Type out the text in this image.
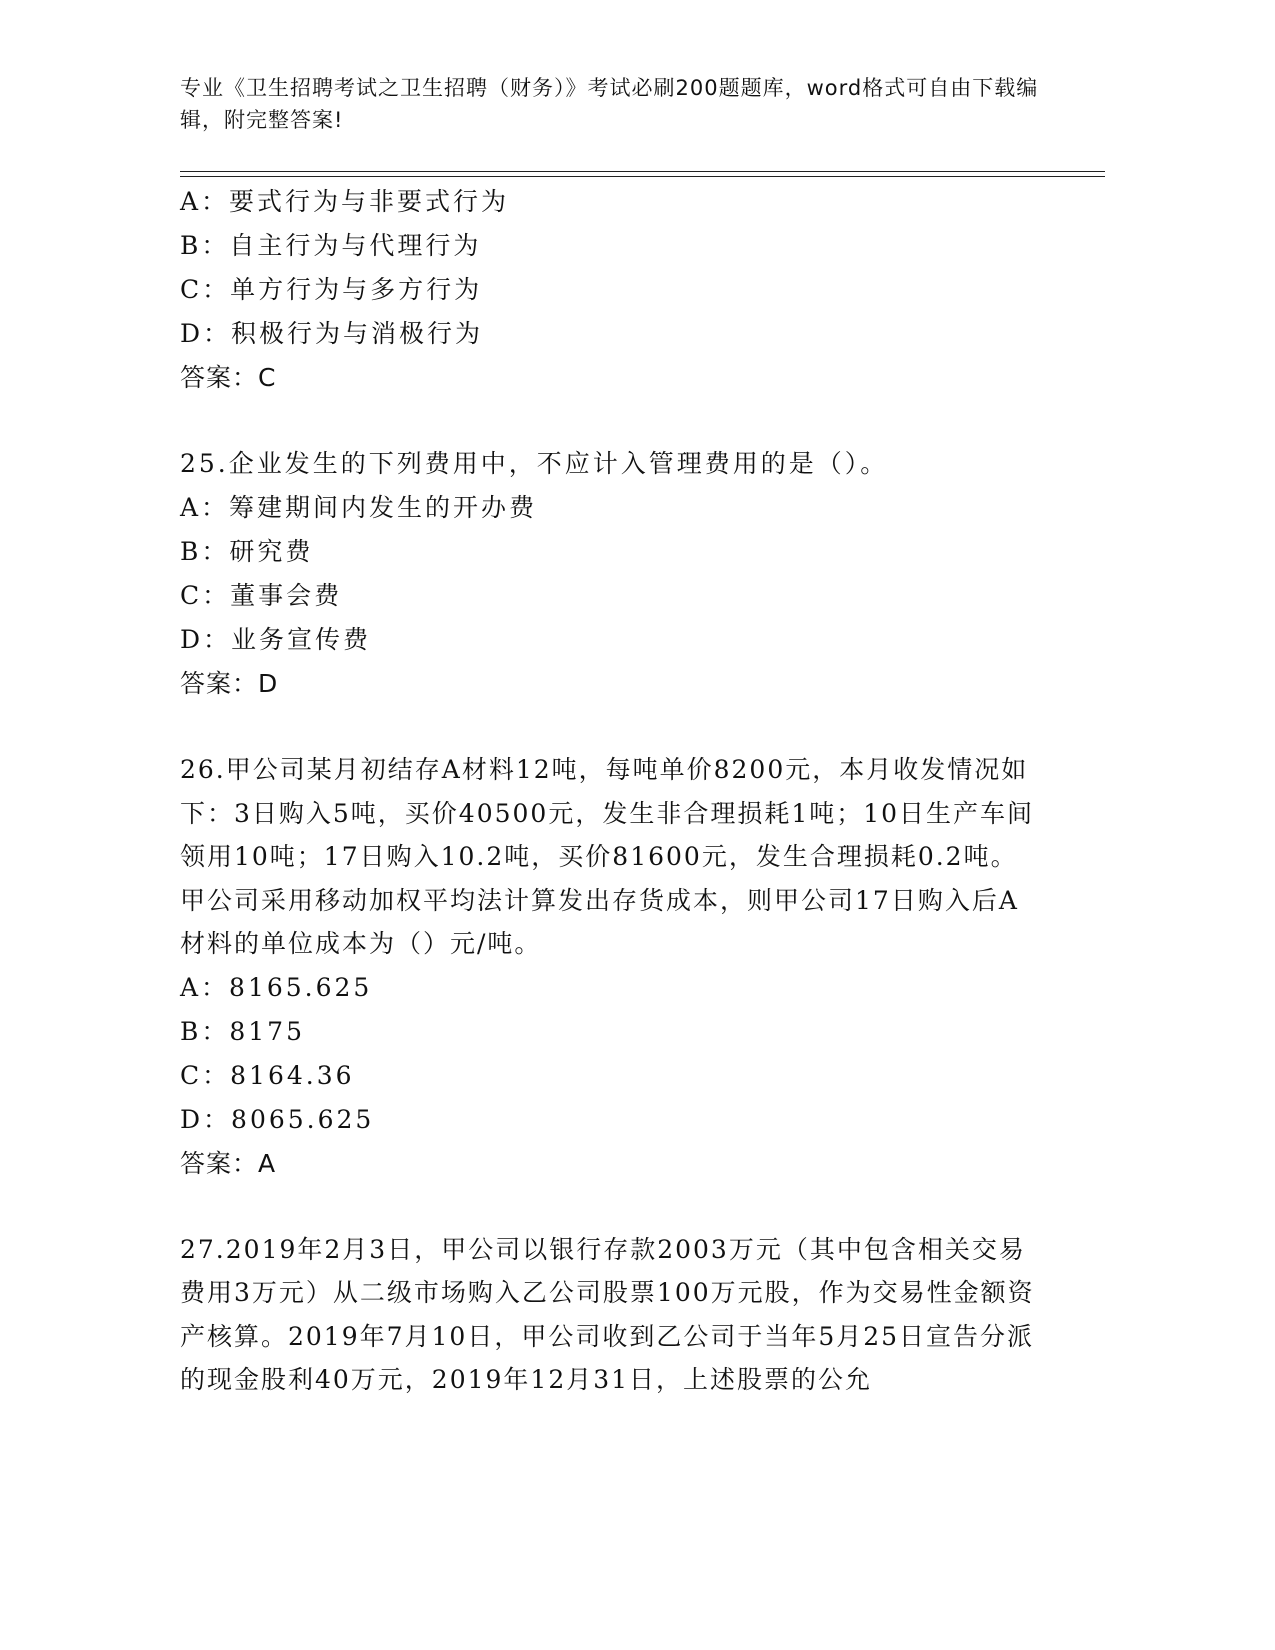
专业《卫生招聘考试之卫生招聘（财务）》考试必刷200题题库，word格式可自由下载编辑，附完整答案!
A：要式行为与非要式行为
B：自主行为与代理行为
C：单方行为与多方行为
D：积极行为与消极行为
答案：C
25.企业发生的下列费用中，不应计入管理费用的是（）。
A：筹建期间内发生的开办费
B：研究费
C：董事会费
D：业务宣传费
答案：D
26.甲公司某月初结存A材料12吨，每吨单价8200元，本月收发情况如下：3日购入5吨，买价40500元，发生非合理损耗1吨；10日生产车间领用10吨；17日购入10.2吨，买价81600元，发生合理损耗0.2吨。甲公司采用移动加权平均法计算发出存货成本，则甲公司17日购入后A材料的单位成本为（）元/吨。
A：8165.625
B：8175
C：8164.36
D：8065.625
答案：A
27.2019年2月3日，甲公司以银行存款2003万元（其中包含相关交易费用3万元）从二级市场购入乙公司股票100万元股，作为交易性金额资产核算。2019年7月10日，甲公司收到乙公司于当年5月25日宣告分派的现金股利40万元，2019年12月31日，上述股票的公允
